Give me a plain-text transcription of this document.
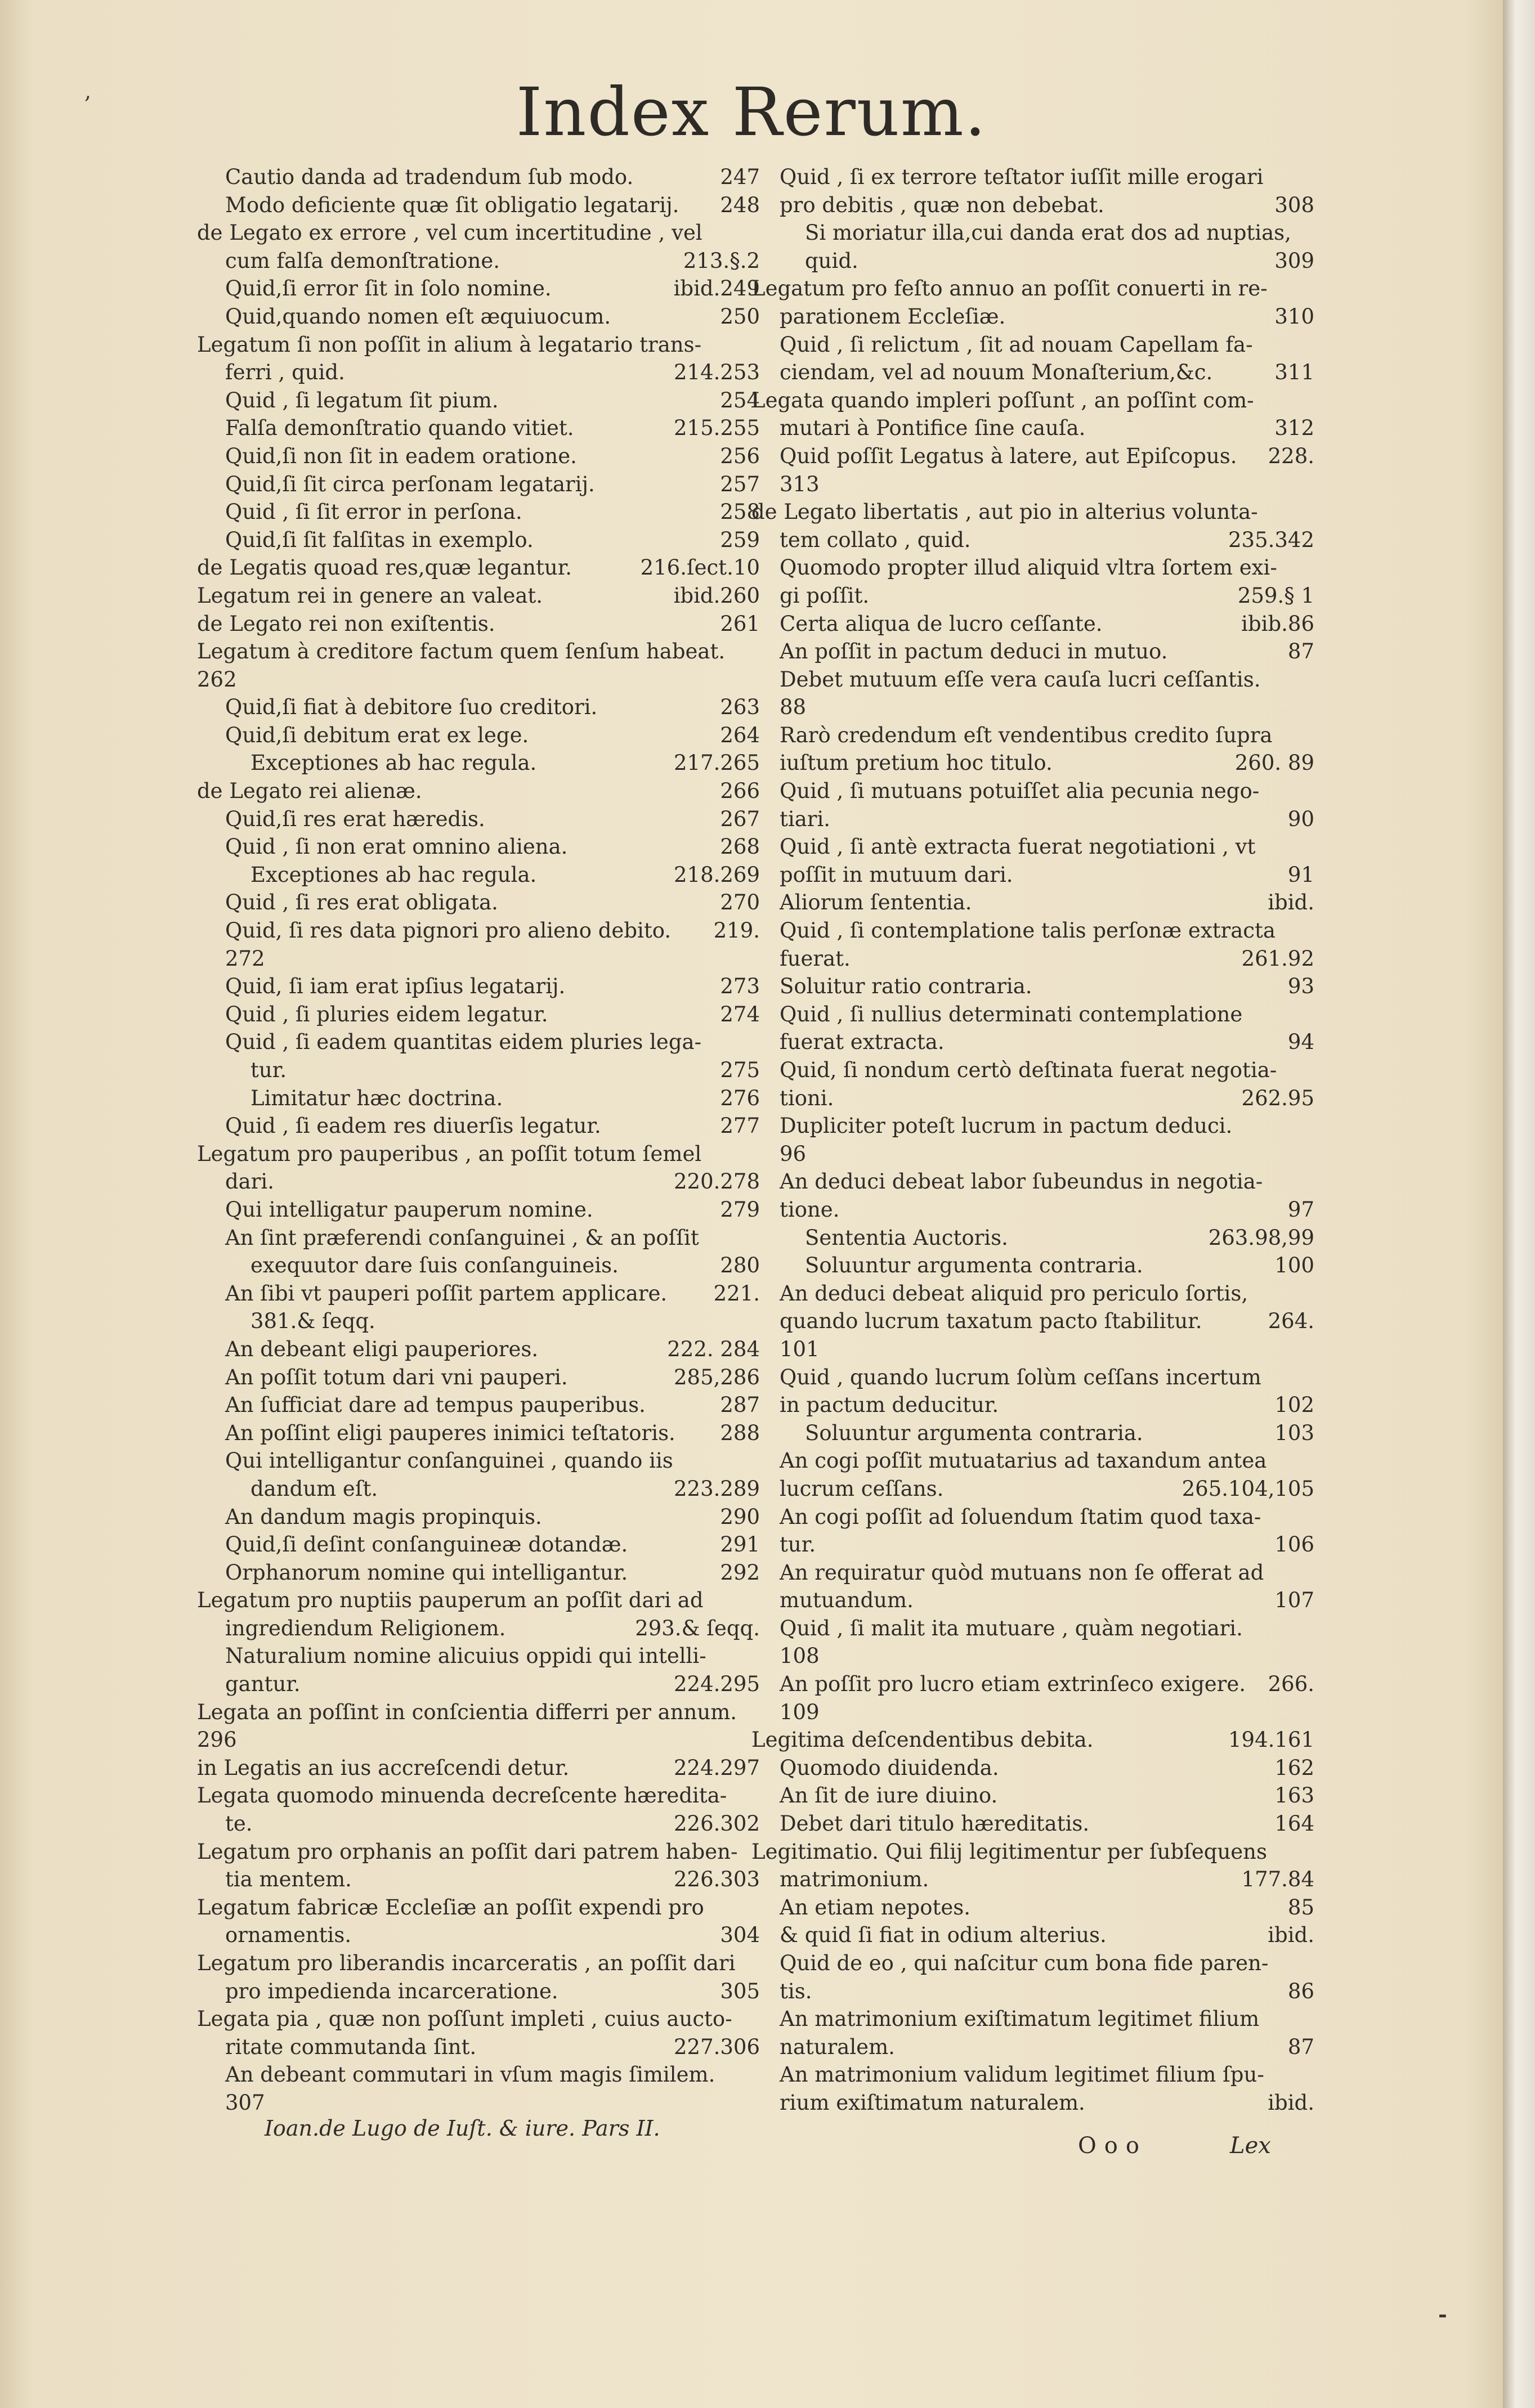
Index Rerum.
Cautio danda ad tradendum ſub modo.	247
Modo deficiente quæ ſit obligatio legatarij. 248
de Legato ex errore , vel cum incertitudine , vel
cum falſa demonſtratione.	213.§.2
Quid,ſi error ſit in ſolo nomine.	ibid.249
Quid,quando nomen eſt æquiuocum.	250
Legatum ſi non poſſit in alium à legatario trans-
ferri , quid.	214.253
Quid , ſi legatum ſit pium.	254
Falſa demonſtratio quando vitiet.	215.255
Quid,ſi non ſit in eadem oratione.	256
Quid,ſi ſit circa perſonam legatarij.	257
Quid , ſi ſit error in perſona.	258
Quid,ſi ſit falſitas in exemplo.	259
de Legatis quoad res,quæ legantur.	216.ſect.10
Legatum rei in genere an valeat.	ibid.260
de Legato rei non exiſtentis.	261
Legatum à creditore factum quem ſenſum habeat.
262
Quid,ſi fiat à debitore ſuo creditori.	263
Quid,ſi debitum erat ex lege.	264
Exceptiones ab hac regula.	217.265
de Legato rei alienæ.	266
Quid,ſi res erat hæredis.	267
Quid , ſi non erat omnino aliena.	268
Exceptiones ab hac regula.	218.269
Quid , ſi res erat obligata.	270
Quid, ſi res data pignori pro alieno debito. 219.
272
Quid, ſi iam erat ipſius legatarij.	273
Quid , ſi pluries eidem legatur.	274
Quid , ſi eadem quantitas eidem pluries lega-
tur.	275
Limitatur hæc doctrina.	276
Quid , ſi eadem res diuerſis legatur.	277
Legatum pro pauperibus , an poſſit totum ſemel
dari.	220.278
Qui intelligatur pauperum nomine.	279
An ſint præferendi conſanguinei , & an poſſit
exequutor dare ſuis conſanguineis.	280
An ſibi vt pauperi poſſit partem applicare. 221.
381.& ſeqq.
An debeant eligi pauperiores.	222. 284
An poſſit totum dari vni pauperi.	285,286
An ſufficiat dare ad tempus pauperibus.	287
An poſſint eligi pauperes inimici teſtatoris. 288
Qui intelligantur conſanguinei , quando iis
dandum eſt.	223.289
An dandum magis propinquis.	290
Quid,ſi deſint conſanguineæ dotandæ.	291
Orphanorum nomine qui intelligantur.	292
Legatum pro nuptiis pauperum an poſſit dari ad
ingrediendum Religionem.	293.& ſeqq.
Naturalium nomine alicuius oppidi qui intelli-
gantur.	224.295
Legata an poſſint in conſcientia differri per annum.
296
in Legatis an ius accreſcendi detur.	224.297
Legata quomodo minuenda decreſcente hæredita-
te.	226.302
Legatum pro orphanis an poſſit dari patrem haben-
tia mentem.	226.303
Legatum fabricæ Eccleſiæ an poſſit expendi pro
ornamentis.	304
Legatum pro liberandis incarceratis , an poſſit dari
pro impedienda incarceratione.	305
Legata pia , quæ non poſſunt impleti , cuius aucto-
ritate commutanda ſint.	227.306
An debeant commutari in vſum magis ſimilem.
307
Quid , ſi ex terrore teſtator iuſſit mille erogari
pro debitis , quæ non debebat.	308
Si moriatur illa,cui danda erat dos ad nuptias,
quid.	309
Legatum pro feſto annuo an poſſit conuerti in re-
parationem Eccleſiæ.	310
Quid , ſi relictum , ſit ad nouam Capellam fa-
ciendam, vel ad nouum Monaſterium,&c.	311
Legata quando impleri poſſunt , an poſſint com-
mutari à Pontifice ſine cauſa.	312
Quid poſſit Legatus à latere, aut Epiſcopus. 228.
313
de Legato libertatis , aut pio in alterius volunta-
tem collato , quid.	235.342
Quomodo propter illud aliquid vltra ſortem exi-
gi poſſit.	259.§ 1
Certa aliqua de lucro ceſſante.	ibib.86
An poſſit in pactum deduci in mutuo.	87
Debet mutuum eſſe vera cauſa lucri ceſſantis.
88
Rarò credendum eſt vendentibus credito ſupra
iuſtum pretium hoc titulo.	260. 89
Quid , ſi mutuans potuiſſet alia pecunia nego-
tiari.	90
Quid , ſi antè extracta fuerat negotiationi , vt
poſſit in mutuum dari.	91
Aliorum ſententia.	ibid.
Quid , ſi contemplatione talis perſonæ extracta
fuerat.	261.92
Soluitur ratio contraria.	93
Quid , ſi nullius determinati contemplatione
fuerat extracta.	94
Quid, ſi nondum certò deſtinata fuerat negotia-
tioni.	262.95
Dupliciter poteſt lucrum in pactum deduci.
96
An deduci debeat labor ſubeundus in negotia-
tione.	97
Sententia Auctoris.	263.98,99
Soluuntur argumenta contraria.	100
An deduci debeat aliquid pro periculo ſortis,
quando lucrum taxatum pacto ſtabilitur.	264.
101
Quid , quando lucrum ſolùm ceſſans incertum
in pactum deducitur.	102
Soluuntur argumenta contraria.	103
An cogi poſſit mutuatarius ad taxandum antea
lucrum ceſſans.	265.104,105
An cogi poſſit ad ſoluendum ſtatim quod taxa-
tur.	106
An requiratur quòd mutuans non ſe offerat ad
mutuandum.	107
Quid , ſi malit ita mutuare , quàm negotiari.
108
An poſſit pro lucro etiam extrinſeco exigere. 266.
109
Legitima deſcendentibus debita.	194.161
Quomodo diuidenda.	162
An ſit de iure diuino.	163
Debet dari titulo hæreditatis.	164
Legitimatio. Qui filij legitimentur per ſubſequens
matrimonium.	177.84
An etiam nepotes.	85
& quid ſi fiat in odium alterius.	ibid.
Quid de eo , qui naſcitur cum bona fide paren-
tis.	86
An matrimonium exiſtimatum legitimet filium
naturalem.	87
An matrimonium validum legitimet filium ſpu-
rium exiſtimatum naturalem.	ibid.
Ioan.de Lugo de Iuſt. & iure. Pars II.
Ooo	Lex
,
-
